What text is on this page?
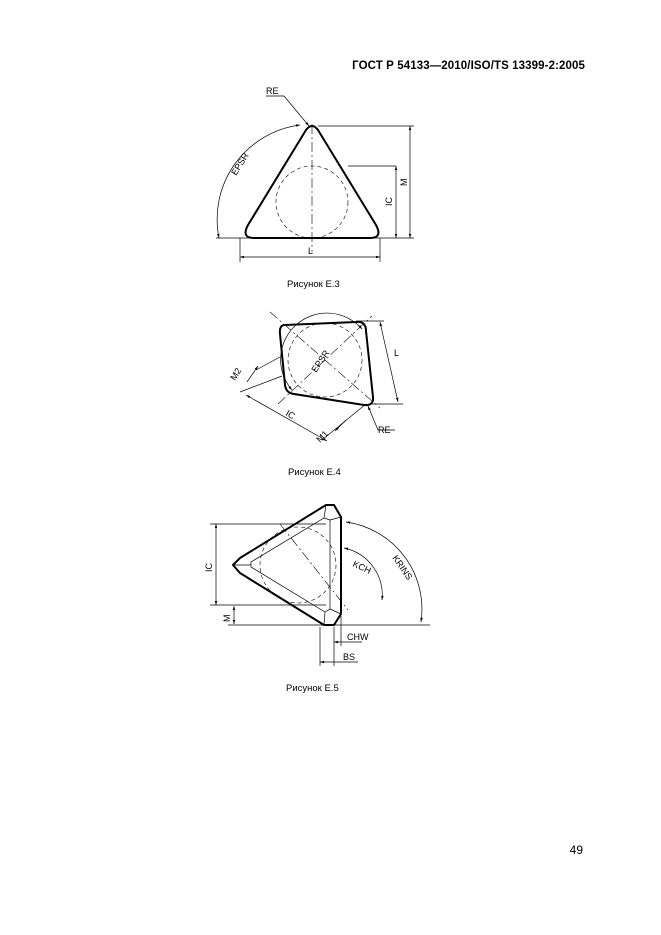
ГОСТ Р 54133—2010/ISO/TS 13399-2:2005
RE
EPSR
IC
M
L
M2	EPSR	L
IC
M1	RE
IC
M
KCH KRINS
CHW
BS
Рисунок Е.3
Рисунок Е.4
Рисунок Е.5
49
